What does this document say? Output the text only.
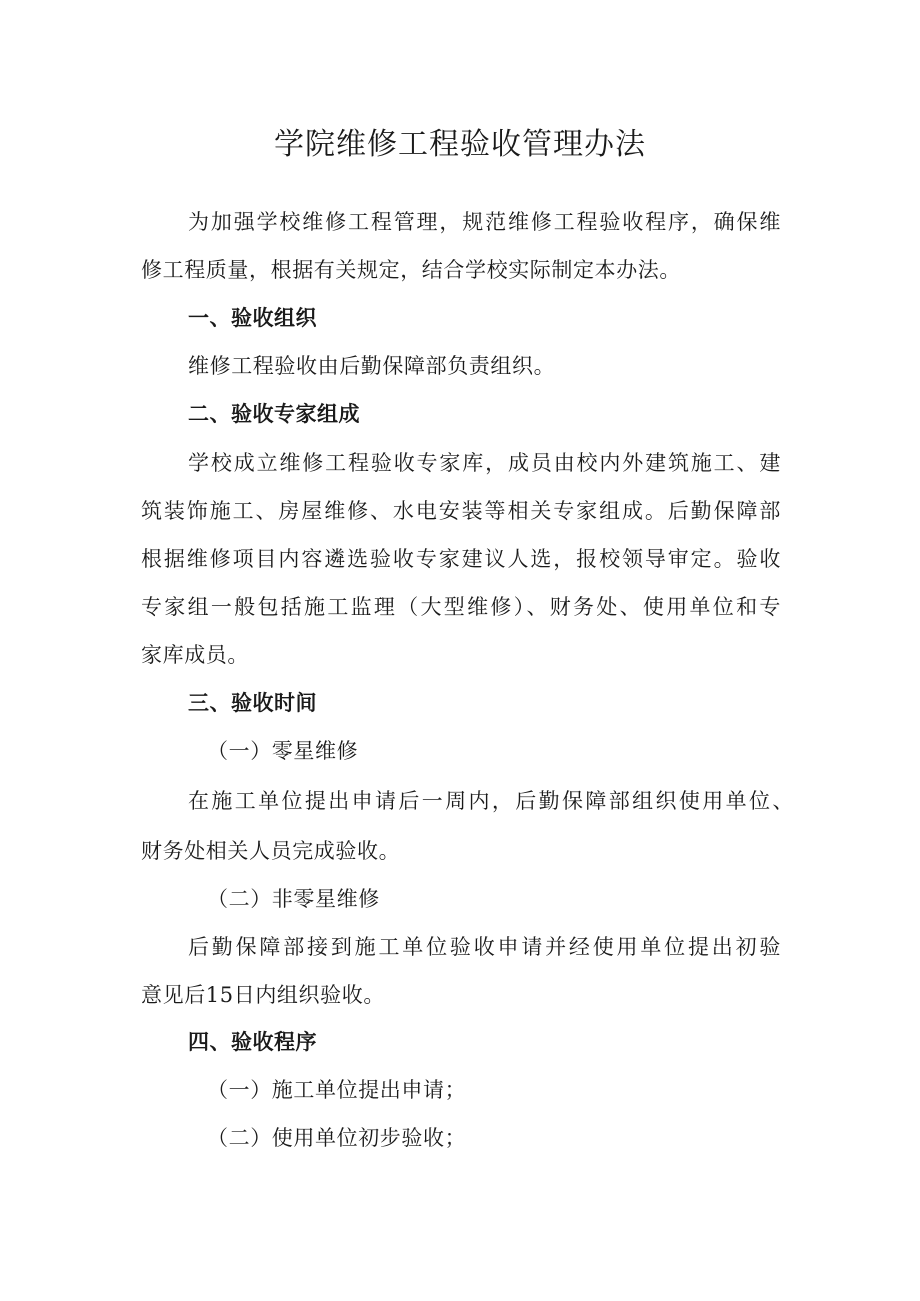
学院维修工程验收管理办法

为加强学校维修工程管理，规范维修工程验收程序，确保维

修工程质量，根据有关规定，结合学校实际制定本办法。

一、验收组织

维修工程验收由后勤保障部负责组织。

二、验收专家组成

学校成立维修工程验收专家库，成员由校内外建筑施工、建

筑装饰施工、房屋维修、水电安装等相关专家组成。后勤保障部

根据维修项目内容遴选验收专家建议人选，报校领导审定。验收

专家组一般包括施工监理（大型维修）、财务处、使用单位和专

家库成员。

三、验收时间

（一）零星维修

在施工单位提出申请后一周内，后勤保障部组织使用单位、

财务处相关人员完成验收。

（二）非零星维修

后勤保障部接到施工单位验收申请并经使用单位提出初验

意见后15日内组织验收。

四、验收程序

（一）施工单位提出申请；

（二）使用单位初步验收；
